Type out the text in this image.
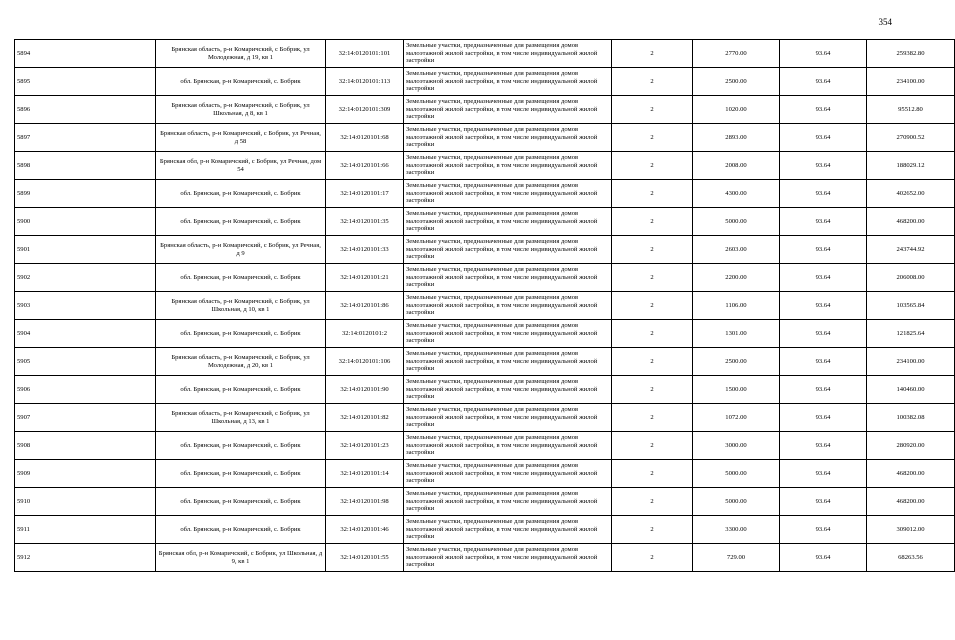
354
5894	Брянская область, р-н Комаричский, с Бобрик, ул Молодежная, д 19, кв 1	32:14:0120101:101	Земельные участки, предназначенные для размещения домов малоэтажной жилой застройки, в том числе индивидуальной жилой застройки	2	2770.00	93.64	259382.80
5895	обл. Брянская, р-н Комаричский, с. Бобрик	32:14:0120101:113	Земельные участки, предназначенные для размещения домов малоэтажной жилой застройки, в том числе индивидуальной жилой застройки	2	2500.00	93.64	234100.00
5896	Брянская область, р-н Комаричский, с Бобрик, ул Школьная, д 8, кв 1	32:14:0120101:309	Земельные участки, предназначенные для размещения домов малоэтажной жилой застройки, в том числе индивидуальной жилой застройки	2	1020.00	93.64	95512.80
5897	Брянская область, р-н Комаричский, с Бобрик, ул Речная, д 58	32:14:0120101:68	Земельные участки, предназначенные для размещения домов малоэтажной жилой застройки, в том числе индивидуальной жилой застройки	2	2893.00	93.64	270900.52
5898	Брянская обл, р-н Комаричский, с Бобрик, ул Речная, дом 54	32:14:0120101:66	Земельные участки, предназначенные для размещения домов малоэтажной жилой застройки, в том числе индивидуальной жилой застройки	2	2008.00	93.64	188029.12
5899	обл. Брянская, р-н Комаричский, с. Бобрик	32:14:0120101:17	Земельные участки, предназначенные для размещения домов малоэтажной жилой застройки, в том числе индивидуальной жилой застройки	2	4300.00	93.64	402652.00
5900	обл. Брянская, р-н Комаричский, с. Бобрик	32:14:0120101:35	Земельные участки, предназначенные для размещения домов малоэтажной жилой застройки, в том числе индивидуальной жилой застройки	2	5000.00	93.64	468200.00
5901	Брянская область, р-н Комаричский, с Бобрик, ул Речная, д 9	32:14:0120101:33	Земельные участки, предназначенные для размещения домов малоэтажной жилой застройки, в том числе индивидуальной жилой застройки	2	2603.00	93.64	243744.92
5902	обл. Брянская, р-н Комаричский, с. Бобрик	32:14:0120101:21	Земельные участки, предназначенные для размещения домов малоэтажной жилой застройки, в том числе индивидуальной жилой застройки	2	2200.00	93.64	206008.00
5903	Брянская область, р-н Комаричский, с Бобрик, ул Школьная, д 10, кв 1	32:14:0120101:86	Земельные участки, предназначенные для размещения домов малоэтажной жилой застройки, в том числе индивидуальной жилой застройки	2	1106.00	93.64	103565.84
5904	обл. Брянская, р-н Комаричский, с. Бобрик	32:14:0120101:2	Земельные участки, предназначенные для размещения домов малоэтажной жилой застройки, в том числе индивидуальной жилой застройки	2	1301.00	93.64	121825.64
5905	Брянская область, р-н Комаричский, с Бобрик, ул Молодежная, д 20, кв 1	32:14:0120101:106	Земельные участки, предназначенные для размещения домов малоэтажной жилой застройки, в том числе индивидуальной жилой застройки	2	2500.00	93.64	234100.00
5906	обл. Брянская, р-н Комаричский, с. Бобрик	32:14:0120101:90	Земельные участки, предназначенные для размещения домов малоэтажной жилой застройки, в том числе индивидуальной жилой застройки	2	1500.00	93.64	140460.00
5907	Брянская область, р-н Комаричский, с Бобрик, ул Школьная, д 13, кв 1	32:14:0120101:82	Земельные участки, предназначенные для размещения домов малоэтажной жилой застройки, в том числе индивидуальной жилой застройки	2	1072.00	93.64	100382.08
5908	обл. Брянская, р-н Комаричский, с. Бобрик	32:14:0120101:23	Земельные участки, предназначенные для размещения домов малоэтажной жилой застройки, в том числе индивидуальной жилой застройки	2	3000.00	93.64	280920.00
5909	обл. Брянская, р-н Комаричский, с. Бобрик	32:14:0120101:14	Земельные участки, предназначенные для размещения домов малоэтажной жилой застройки, в том числе индивидуальной жилой застройки	2	5000.00	93.64	468200.00
5910	обл. Брянская, р-н Комаричский, с. Бобрик	32:14:0120101:98	Земельные участки, предназначенные для размещения домов малоэтажной жилой застройки, в том числе индивидуальной жилой застройки	2	5000.00	93.64	468200.00
5911	обл. Брянская, р-н Комаричский, с. Бобрик	32:14:0120101:46	Земельные участки, предназначенные для размещения домов малоэтажной жилой застройки, в том числе индивидуальной жилой застройки	2	3300.00	93.64	309012.00
5912	Брянская обл, р-н Комаричский, с Бобрик, ул Школьная, д 9, кв 1	32:14:0120101:55	Земельные участки, предназначенные для размещения домов малоэтажной жилой застройки, в том числе индивидуальной жилой застройки	2	729.00	93.64	68263.56
